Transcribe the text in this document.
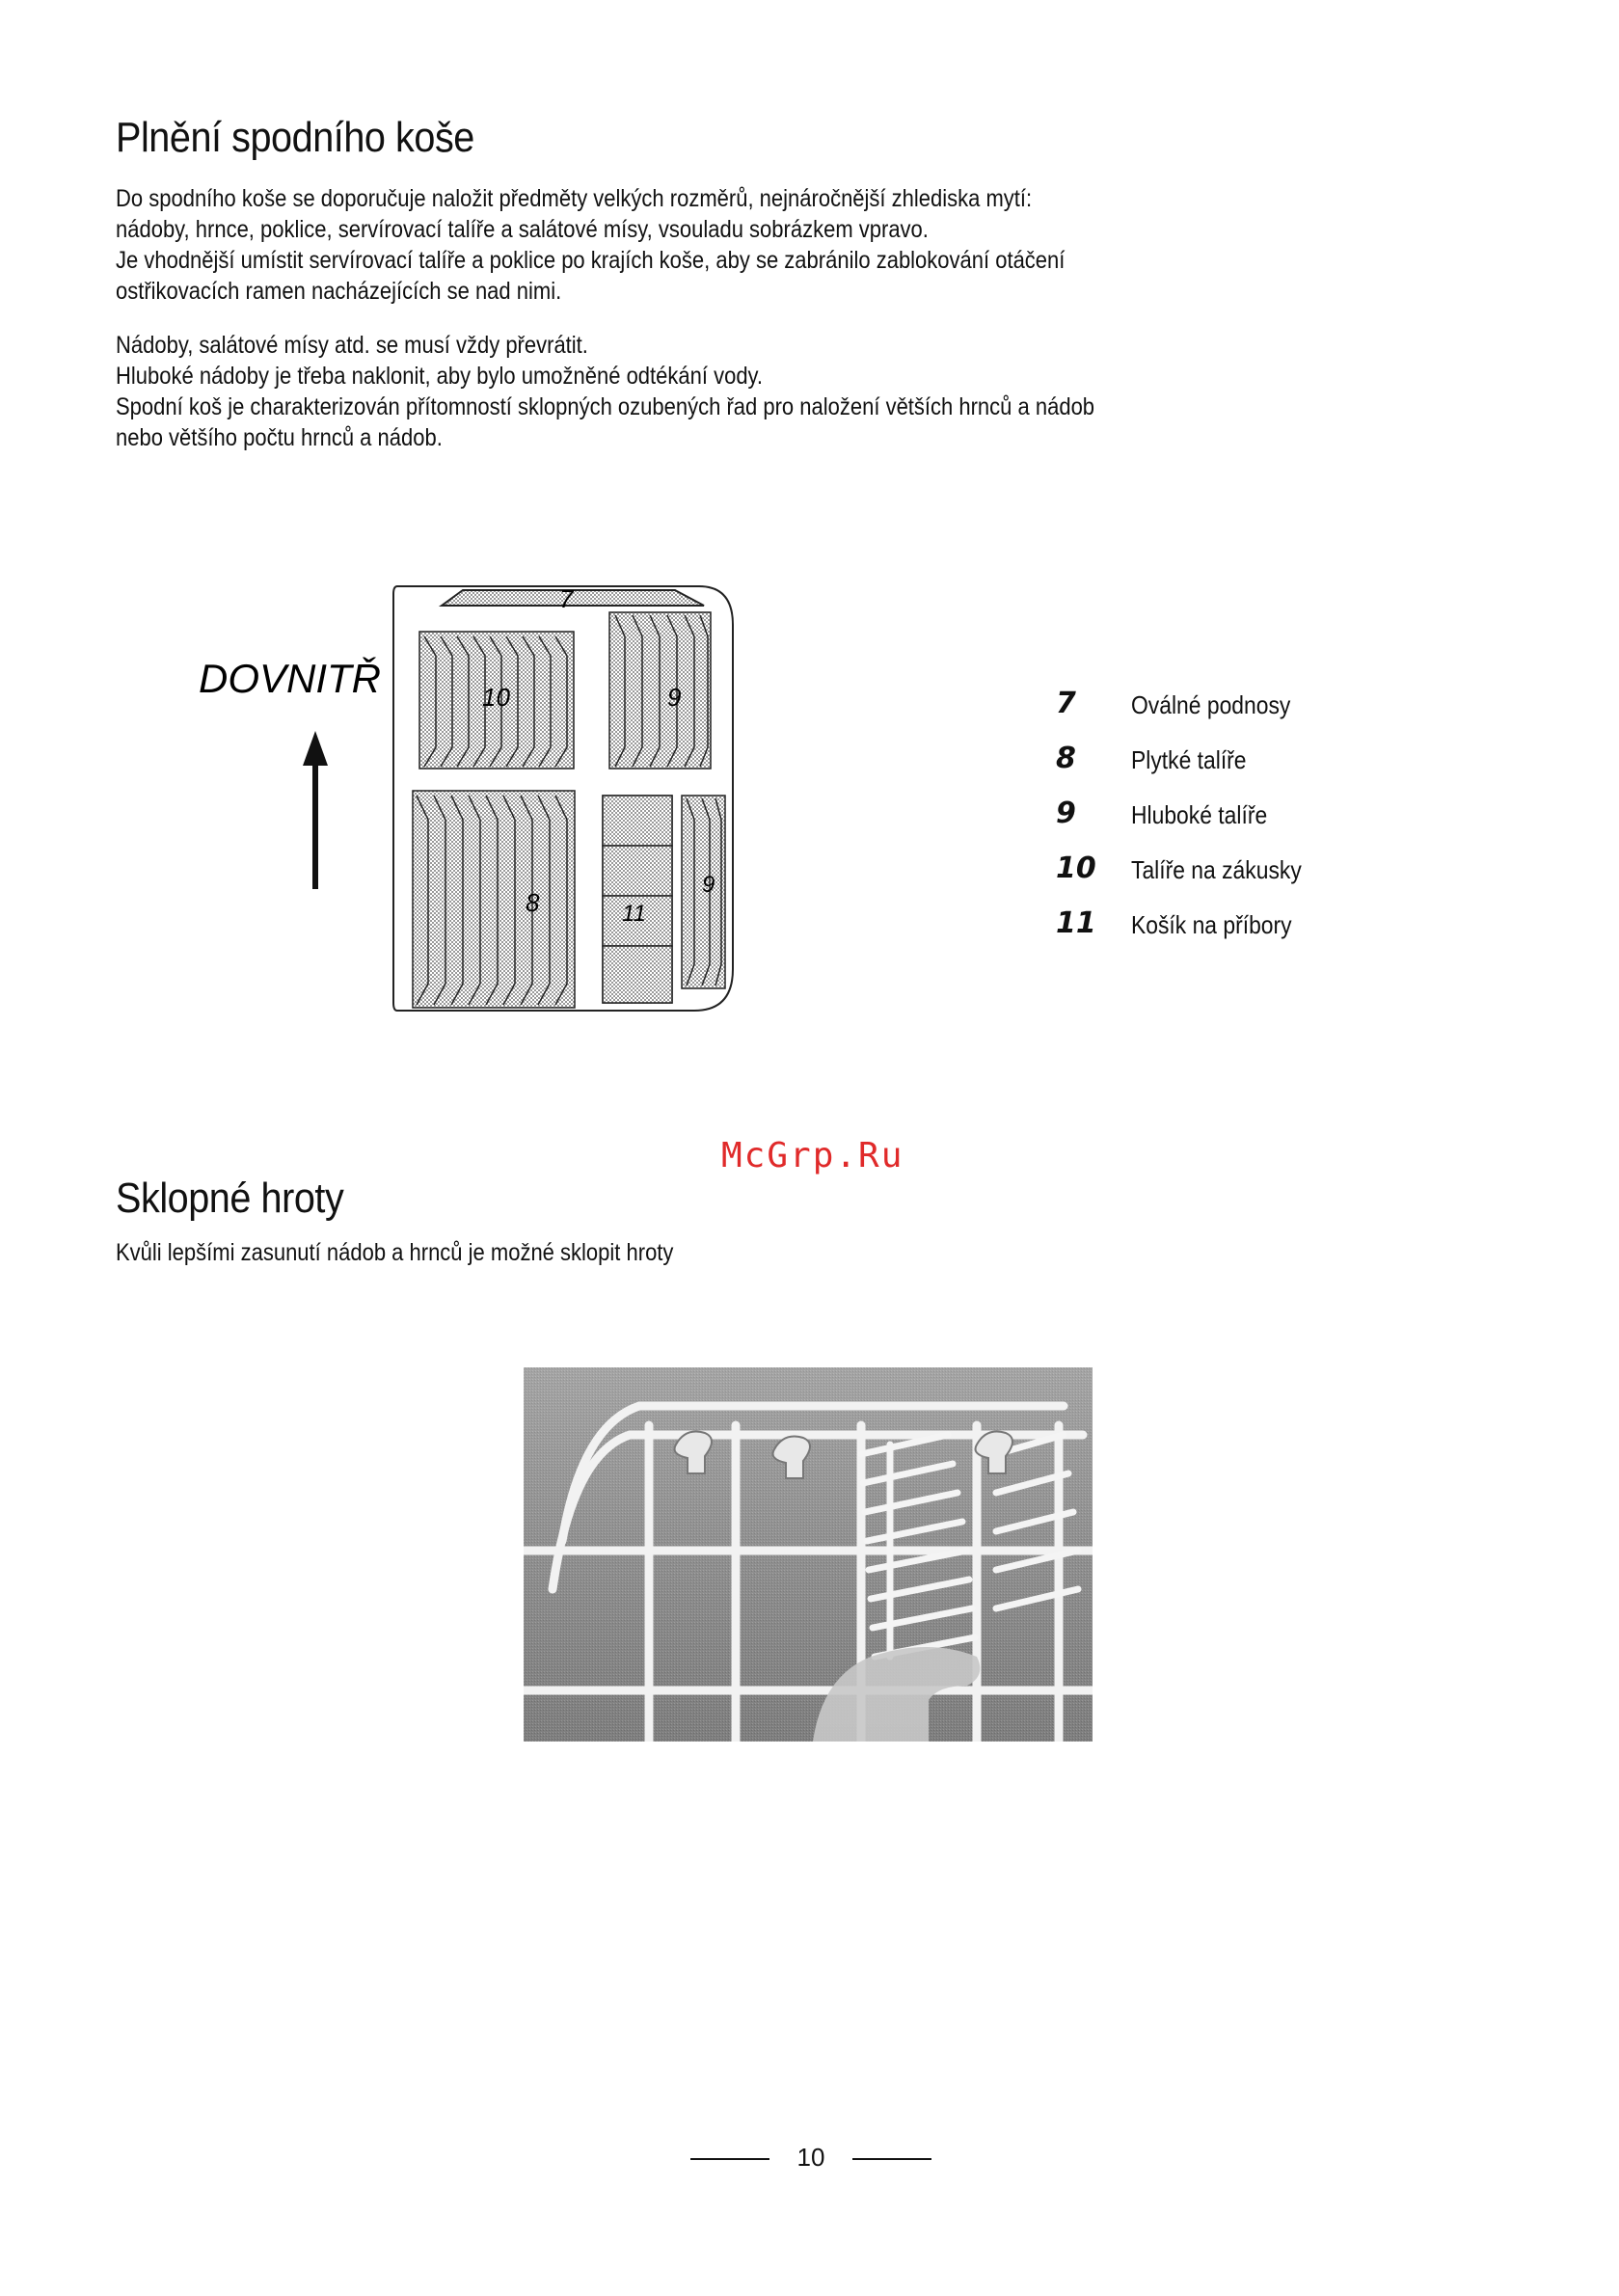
Plnění spodního koše
Do spodního koše se doporučuje naložit předměty velkých rozměrů, nejnáročnější zhlediska mytí:
nádoby, hrnce, poklice, servírovací talíře a salátové mísy, vsouladu sobrázkem vpravo.
Je vhodnější umístit servírovací talíře a poklice po krajích koše, aby se zabránilo zablokování otáčení
ostřikovacích ramen nacházejících se nad nimi.
Nádoby, salátové mísy atd. se musí vždy převrátit.
Hluboké nádoby je třeba naklonit, aby bylo umožněné odtékání vody.
Spodní koš je charakterizován přítomností sklopných ozubených řad pro naložení větších hrnců a nádob
nebo většího počtu hrnců a nádob.
DOVNITŘ
7
10	9
8	11
9
7	Oválné podnosy
8	Plytké talíře
9	Hluboké talíře
10	Talíře na zákusky
11	Košík na příbory
McGrp.Ru
Sklopné hroty
Kvůli lepšími zasunutí nádob a hrnců je možné sklopit hroty
10
